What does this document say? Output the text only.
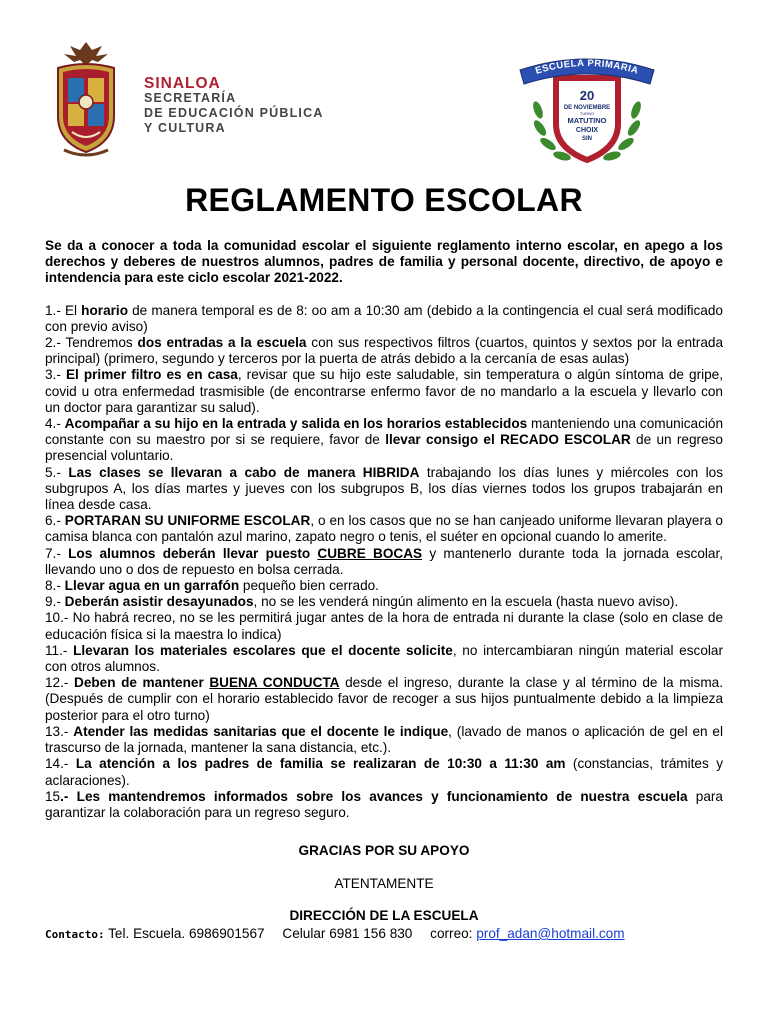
SINALOA
SECRETARÍA
DE EDUCACIÓN PÚBLICA
Y CULTURA
ESCUELA PRIMARIA
20
DE NOVIEMBRE
TURNO
MATUTINO
CHOIX
SIN
REGLAMENTO ESCOLAR

Se da a conocer a toda la comunidad escolar el siguiente reglamento interno escolar, en apego a los derechos y deberes de nuestros alumnos, padres de familia y personal docente, directivo, de apoyo e intendencia para este ciclo escolar 2021-2022.

1.- El horario de manera temporal es de 8: oo am a 10:30 am (debido a la contingencia el cual será modificado con previo aviso)

2.- Tendremos dos entradas a la escuela con sus respectivos filtros (cuartos, quintos y sextos por la entrada principal) (primero, segundo y terceros por la puerta de atrás debido a la cercanía de esas aulas)

3.- El primer filtro es en casa, revisar que su hijo este saludable, sin temperatura o algún síntoma de gripe, covid u otra enfermedad trasmisible (de encontrarse enfermo favor de no mandarlo a la escuela y llevarlo con un doctor para garantizar su salud).

4.- Acompañar a su hijo en la entrada y salida en los horarios establecidos manteniendo una comunicación constante con su maestro por si se requiere, favor de llevar consigo el RECADO ESCOLAR de un regreso presencial voluntario.

5.- Las clases se llevaran a cabo de manera HIBRIDA trabajando los días lunes y miércoles con los subgrupos A, los días martes y jueves con los subgrupos B, los días viernes todos los grupos trabajarán en línea desde casa.

6.- PORTARAN SU UNIFORME ESCOLAR, o en los casos que no se han canjeado uniforme llevaran playera o camisa blanca con pantalón azul marino, zapato negro o tenis, el suéter en opcional cuando lo amerite.

7.- Los alumnos deberán llevar puesto CUBRE BOCAS y mantenerlo durante toda la jornada escolar, llevando uno o dos de repuesto en bolsa cerrada.

8.- Llevar agua en un garrafón pequeño bien cerrado.

9.- Deberán asistir desayunados, no se les venderá ningún alimento en la escuela (hasta nuevo aviso).

10.- No habrá recreo, no se les permitirá jugar antes de la hora de entrada ni durante la clase (solo en clase de educación física si la maestra lo indica)

11.- Llevaran los materiales escolares que el docente solicite, no intercambiaran ningún material escolar con otros alumnos.

12.- Deben de mantener BUENA CONDUCTA desde el ingreso, durante la clase y al término de la misma. (Después de cumplir con el horario establecido favor de recoger a sus hijos puntualmente debido a la limpieza posterior para el otro turno)

13.- Atender las medidas sanitarias que el docente le indique, (lavado de manos o aplicación de gel en el trascurso de la jornada, mantener la sana distancia, etc.).

14.- La atención a los padres de familia se realizaran de 10:30 a 11:30 am (constancias, trámites y aclaraciones).

15.- Les mantendremos informados sobre los avances y funcionamiento de nuestra escuela para garantizar la colaboración para un regreso seguro.

GRACIAS POR SU APOYO
ATENTAMENTE
DIRECCIÓN DE LA ESCUELA
Contacto: Tel. Escuela. 6986901567 Celular 6981 156 830 correo: prof_adan@hotmail.com
